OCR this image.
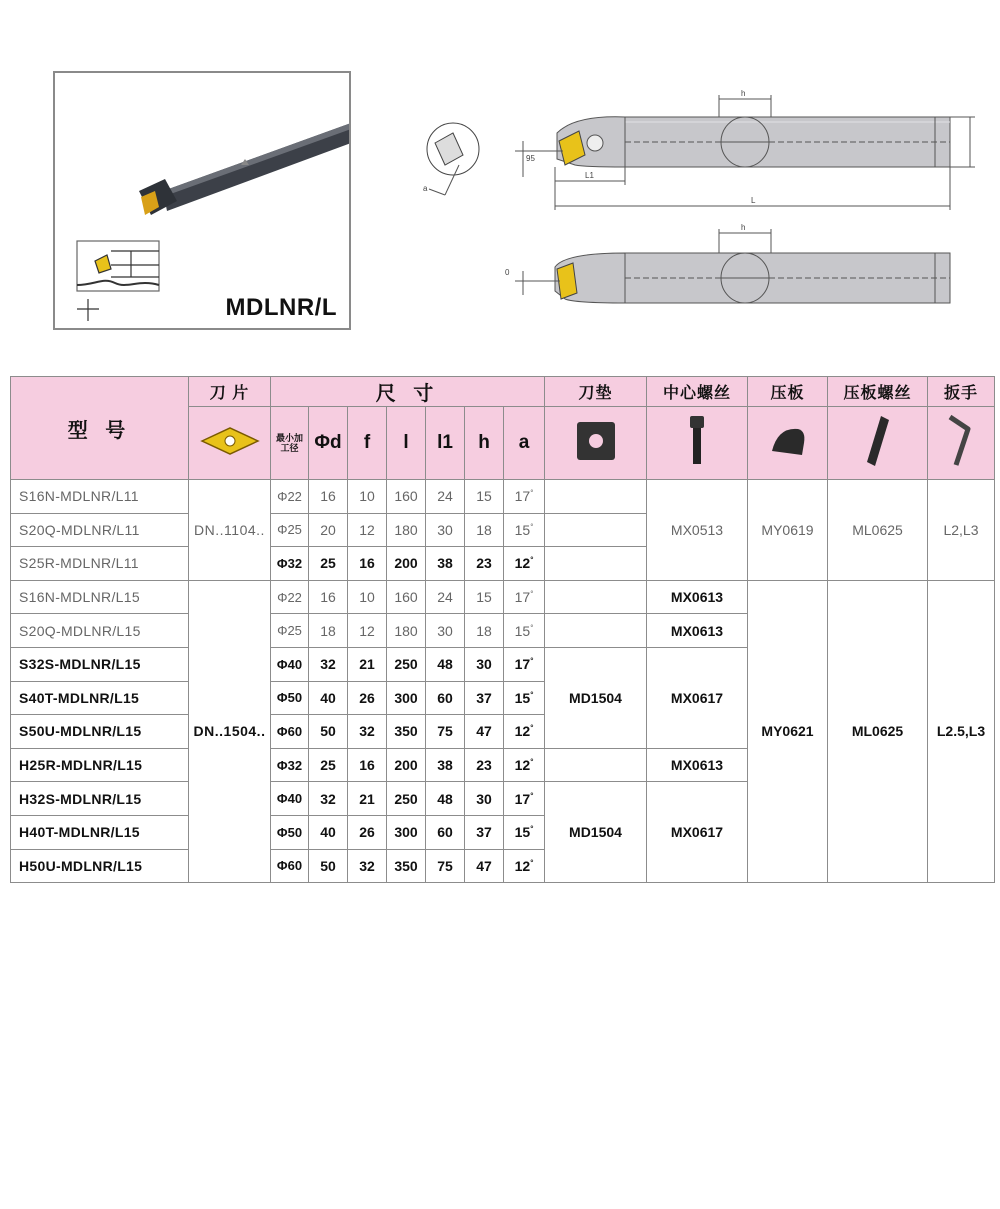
MDLNR/L
a
h
95
L1
L
h
0
型 号	刀 片	尺 寸							刀垫	中心螺丝	压板	压板螺丝	扳手

最小加工径	Φd	f	l	l1	h	a					
S16N-MDLNR/L11	DN..1104..	Φ22	16	10	160	24	15	17°		MX0513	MY0619	ML0625	L2,L3
S20Q-MDLNR/L11		Φ25	20	12	180	30	18	15°	
S25R-MDLNR/L11		Φ32	25	16	200	38	23	12°	
S16N-MDLNR/L15	DN..1504..	Φ22	16	10	160	24	15	17°		MX0613	MY0621	ML0625	L2.5,L3
S20Q-MDLNR/L15		Φ25	18	12	180	30	18	15°		MX0613			
S32S-MDLNR/L15		Φ40	32	21	250	48	30	17°	MD1504	MX0617			
S40T-MDLNR/L15		Φ50	40	26	300	60	37	15°
S50U-MDLNR/L15		Φ60	50	32	350	75	47	12°
H25R-MDLNR/L15		Φ32	25	16	200	38	23	12°		MX0613			
H32S-MDLNR/L15		Φ40	32	21	250	48	30	17°	MD1504	MX0617			
H40T-MDLNR/L15		Φ50	40	26	300	60	37	15°
H50U-MDLNR/L15		Φ60	50	32	350	75	47	12°
